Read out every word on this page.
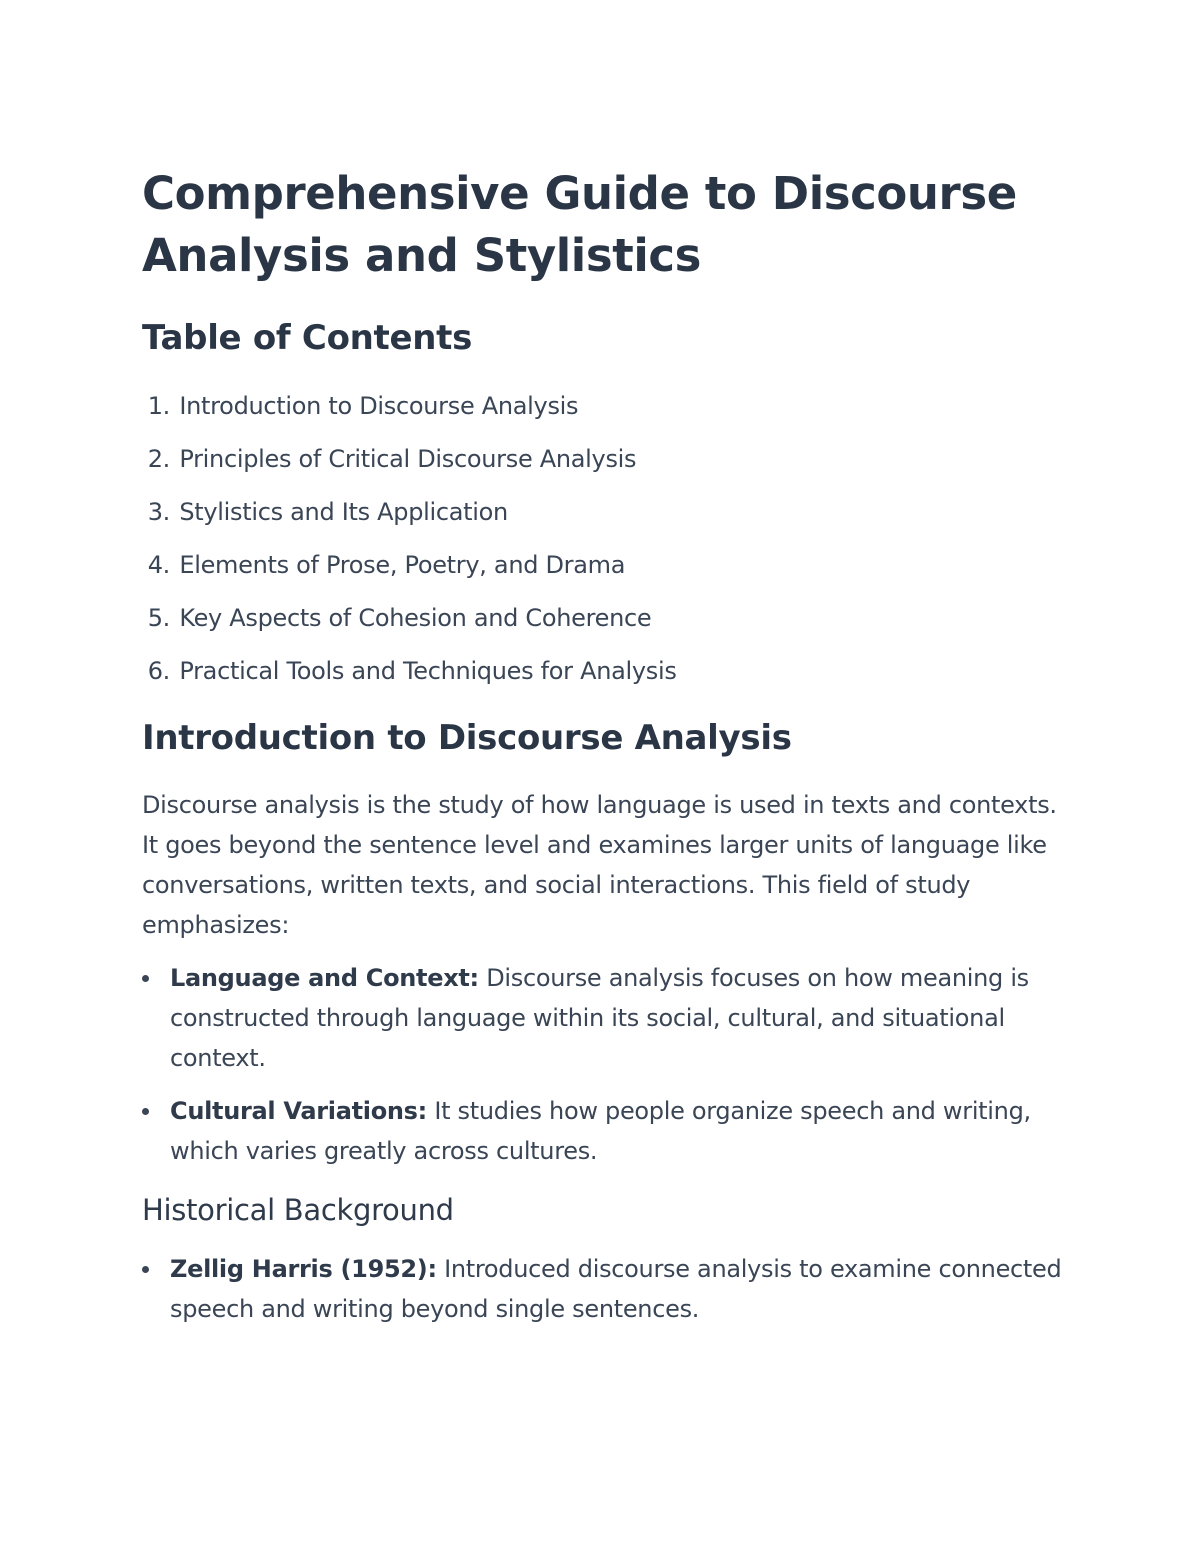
Comprehensive Guide to Discourse Analysis and Stylistics
Table of Contents
1. Introduction to Discourse Analysis
2. Principles of Critical Discourse Analysis
3. Stylistics and Its Application
4. Elements of Prose, Poetry, and Drama
5. Key Aspects of Cohesion and Coherence
6. Practical Tools and Techniques for Analysis
Introduction to Discourse Analysis

Discourse analysis is the study of how language is used in texts and contexts. It goes beyond the sentence level and examines larger units of language like conversations, written texts, and social interactions. This field of study emphasizes:

Language and Context: Discourse analysis focuses on how meaning is constructed through language within its social, cultural, and situational context.
Cultural Variations: It studies how people organize speech and writing, which varies greatly across cultures.
Historical Background
Zellig Harris (1952): Introduced discourse analysis to examine connected speech and writing beyond single sentences.
